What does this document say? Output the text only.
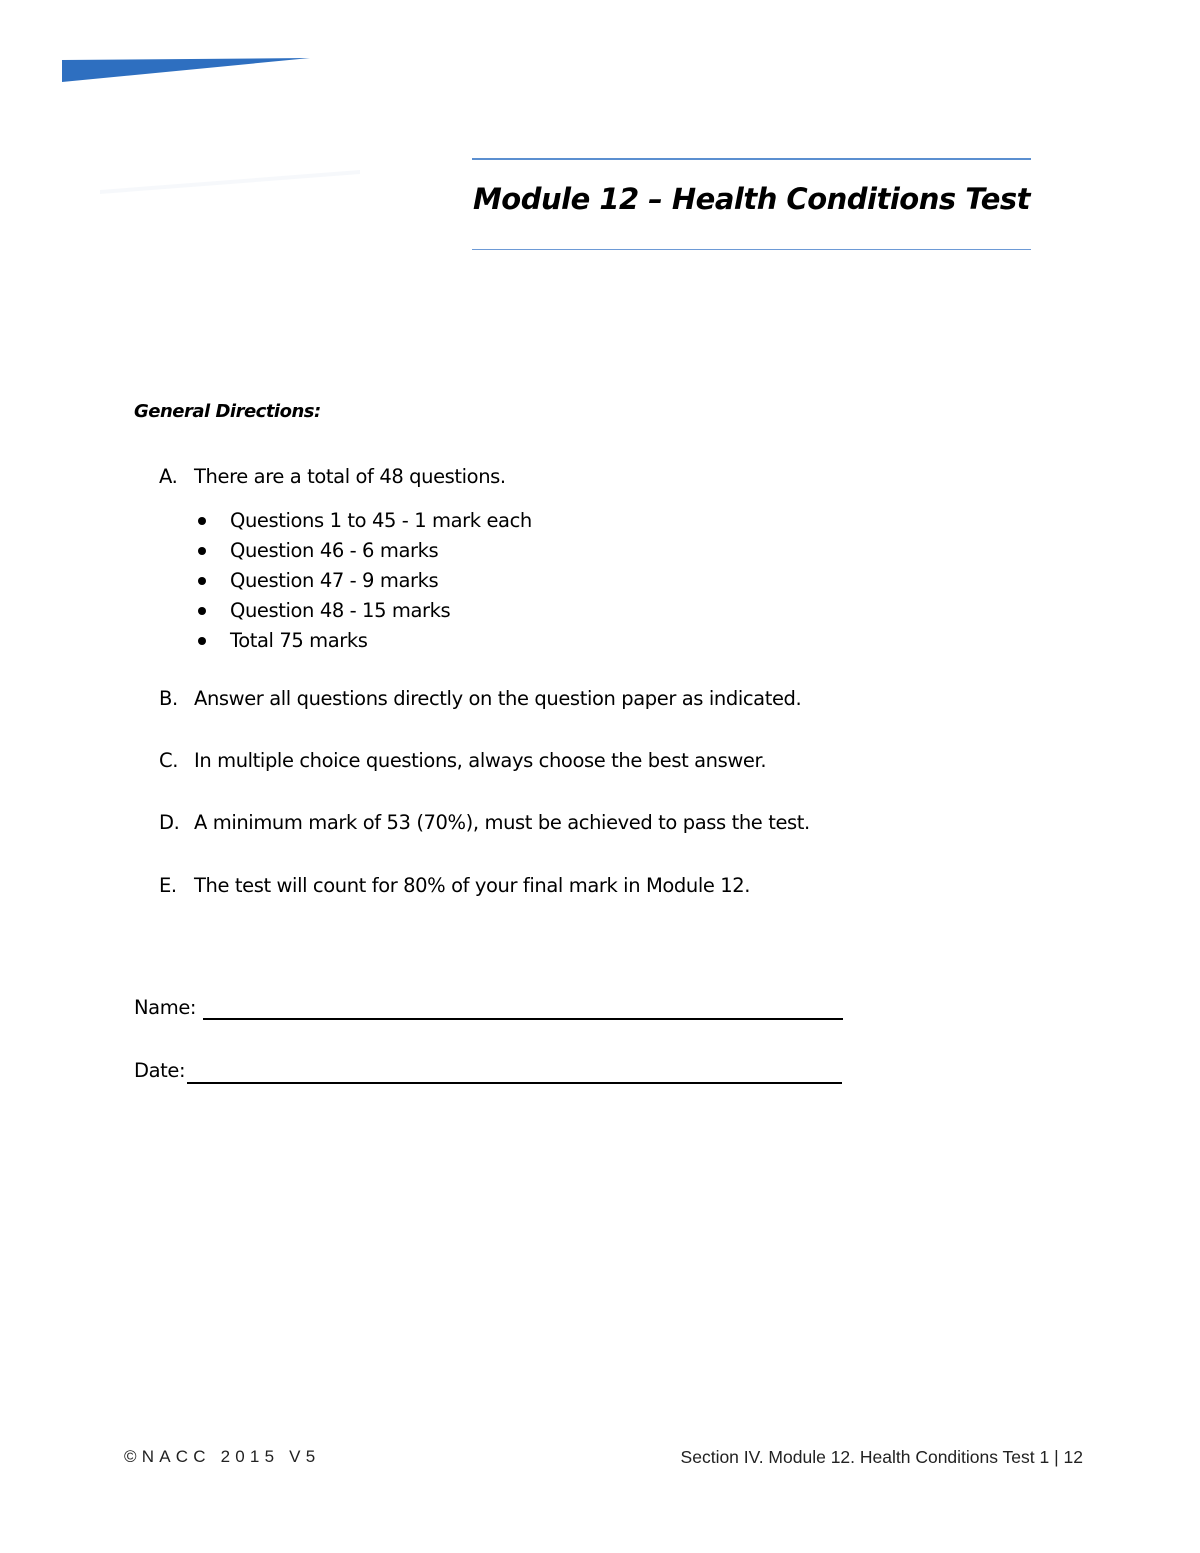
Module 12 – Health Conditions Test
General Directions:
A. There are a total of 48 questions.
Questions 1 to 45 - 1 mark each
Question 46 - 6 marks
Question 47 - 9 marks
Question 48 - 15 marks
Total 75 marks
B. Answer all questions directly on the question paper as indicated.
C. In multiple choice questions, always choose the best answer.
D. A minimum mark of 53 (70%), must be achieved to pass the test.
E. The test will count for 80% of your final mark in Module 12.
Name:
Date:
©NACC 2015 V5	Section IV. Module 12. Health Conditions Test 1 | 12
